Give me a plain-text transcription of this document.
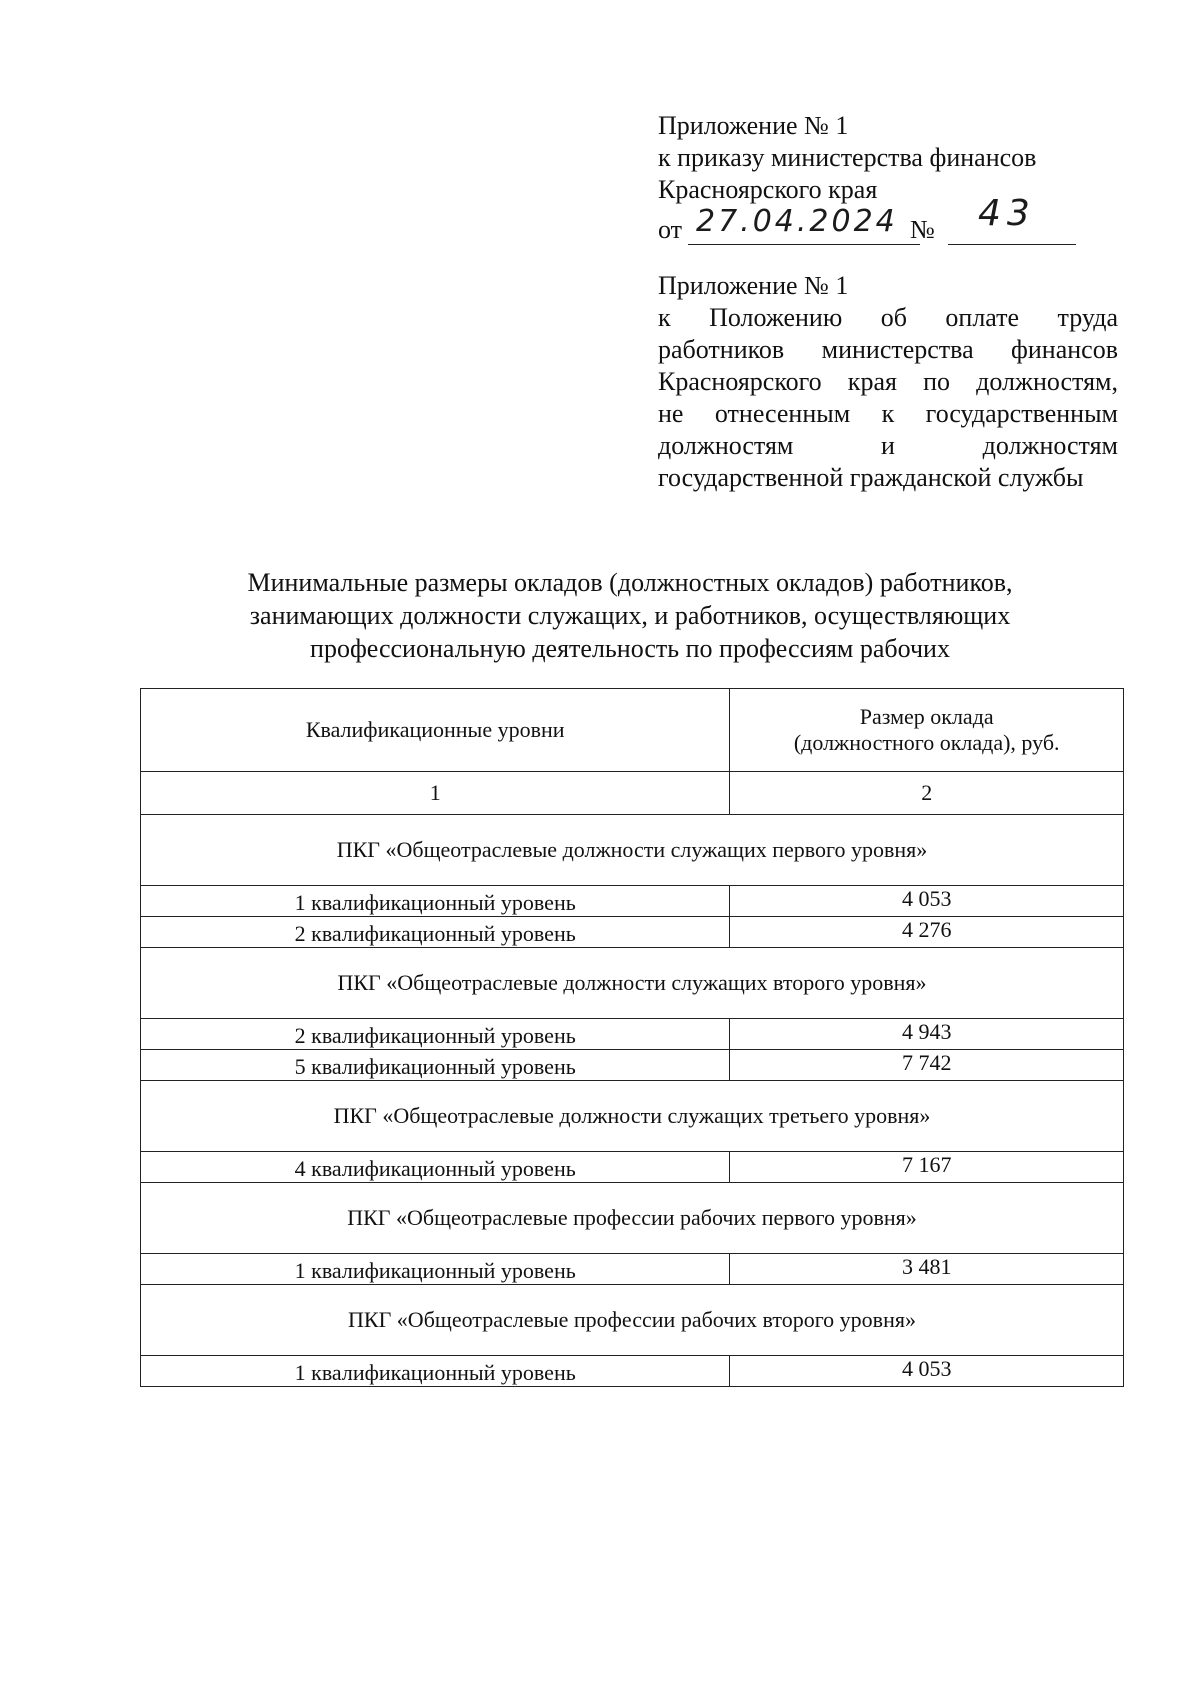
Приложение № 1
к приказу министерства финансов
Красноярского края
от 27.04.2024 № 43
Приложение № 1
к Положению об оплате труда
работников министерства финансов
Красноярского края по должностям,
не отнесенным к государственным
должностям и должностям
государственной гражданской службы
Минимальные размеры окладов (должностных окладов) работников,
занимающих должности служащих, и работников, осуществляющих
профессиональную деятельность по профессиям рабочих
Квалификационные уровни	Размер оклада
(должностного оклада), руб.
1	2
ПКГ «Общеотраслевые должности служащих первого уровня»	
1 квалификационный уровень	4 053
2 квалификационный уровень	4 276
ПКГ «Общеотраслевые должности служащих второго уровня»	
2 квалификационный уровень	4 943
5 квалификационный уровень	7 742
ПКГ «Общеотраслевые должности служащих третьего уровня»	
4 квалификационный уровень	7 167
ПКГ «Общеотраслевые профессии рабочих первого уровня»	
1 квалификационный уровень	3 481
ПКГ «Общеотраслевые профессии рабочих второго уровня»	
1 квалификационный уровень	4 053
